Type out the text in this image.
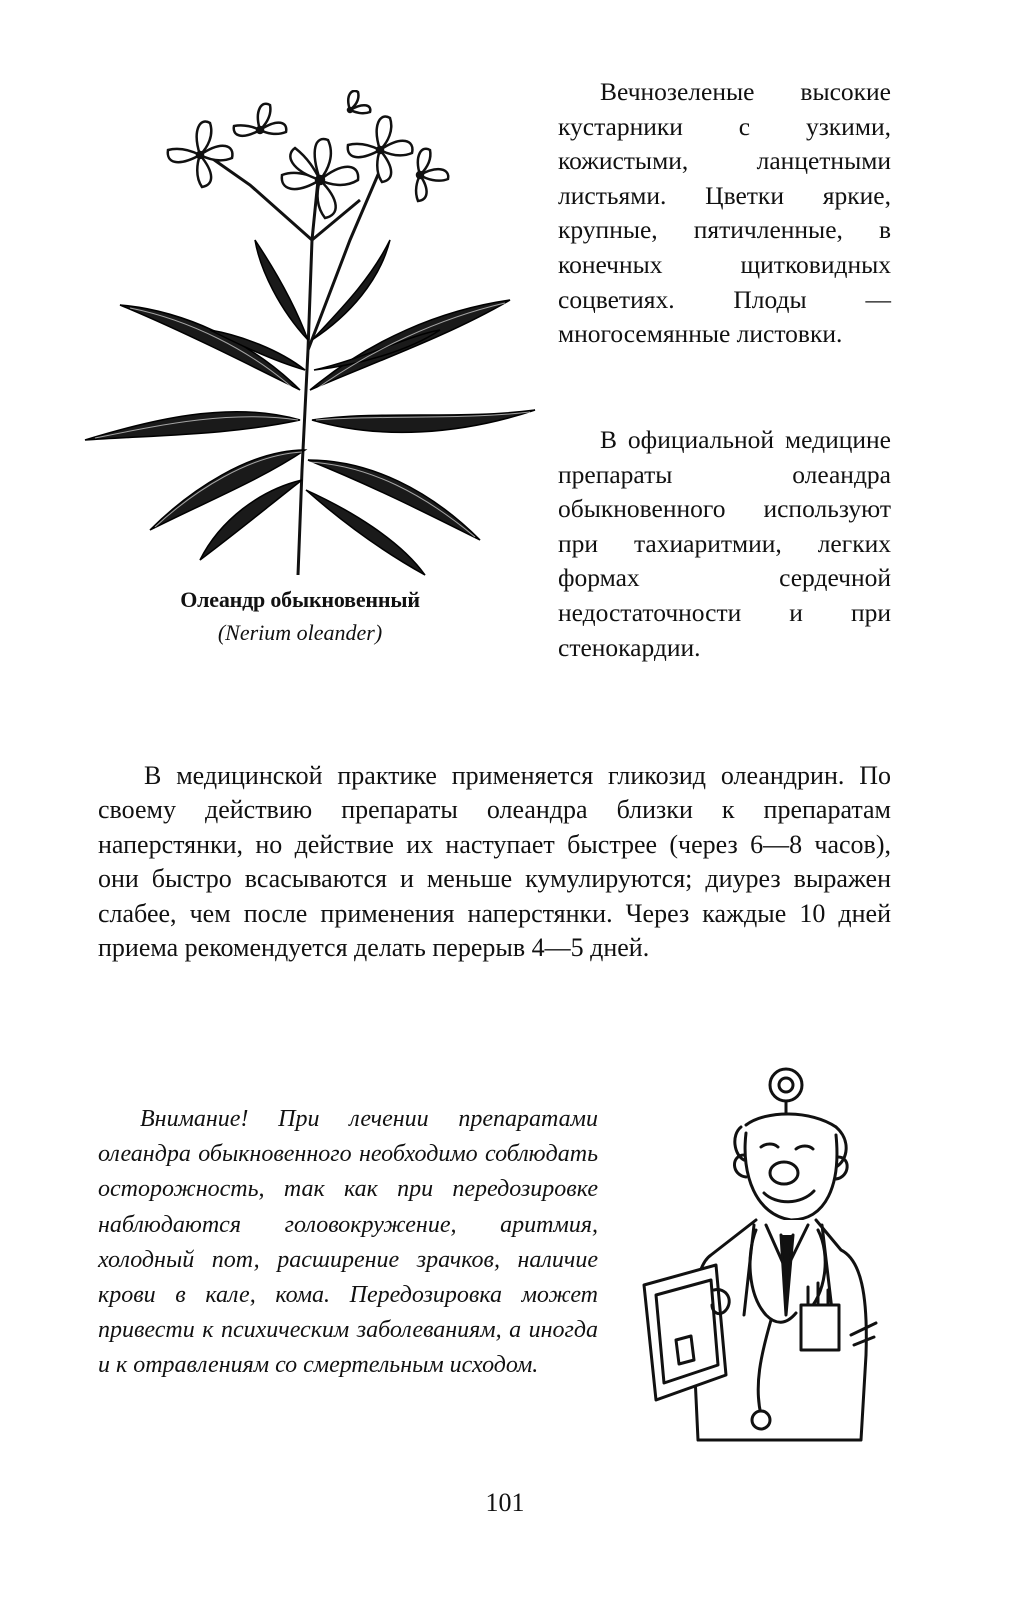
Олеандр обыкновенный
(Nerium oleander)

Вечнозеленые высокие кустарники с узкими, кожистыми, ланцетными листьями. Цветки яркие, крупные, пятичленные, в конечных щитковидных соцветиях. Плоды — многосемянные листовки.

В официальной медицине препараты олеандра обыкновенного используют при тахиаритмии, легких формах сердечной недостаточности и при стенокардии.

В медицинской практике применяется гликозид олеандрин. По своему действию препараты олеандра близки к препаратам наперстянки, но действие их наступает быстрее (через 6—8 часов), они быстро всасываются и меньше кумулируются; диурез выражен слабее, чем после применения наперстянки. Через каждые 10 дней приема рекомендуется делать перерыв 4—5 дней.

Внимание! При лечении препаратами олеандра обыкновенного необходимо соблюдать осторожность, так как при передозировке наблюдаются головокружение, аритмия, холодный пот, расширение зрачков, наличие крови в кале, кома. Передозировка может привести к психическим заболеваниям, а иногда и к отравлениям со смертельным исходом.

101
